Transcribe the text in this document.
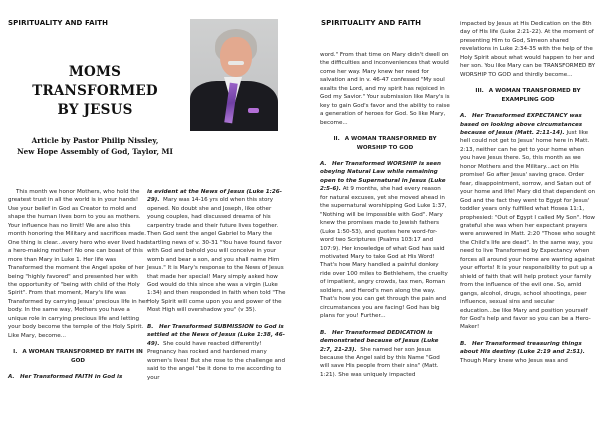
SPIRITUALITY AND FAITH
MOMS
TRANSFORMED
BY JESUS
Article by Pastor Philip Nissley,
New Hope Assembly of God, Taylor, MI

This month we honor Mothers, who hold the greatest trust in all the world is in your hands! Use your belief in God as Creator to mold and shape the human lives born to you as mothers. Your influence has no limit! We are also this month honoring the Military and sacrifices made. One thing is clear...every hero who ever lived had a hero-making mother! No one can boast of this more than Mary in Luke 1. Her life was Transformed the moment the Angel spoke of her being "highly favored" and presented her with the opportunity of "being with child of the Holy Spirit". From that moment, Mary's life was Transformed by carrying Jesus' precious life in her body. In the same way, Mothers you have a unique role in carrying precious life and letting your body become the temple of the Holy Spirit. Like Mary, become...

I. A WOMAN TRANSFORMED BY FAITH IN GOD

A. Her Transformed FAITH in God is

is evident at the News of Jesus (Luke 1:26- 29). Mary was 14-16 yrs old when this story opened. No doubt she and Joseph, like other young couples, had discussed dreams of his carpentry trade and their future lives together. Then God sent the angel Gabriel to Mary the startling news of v. 30-31 "You have found favor with God and behold you will conceive in your womb and bear a son, and you shall name Him Jesus." It is Mary's response to the News of Jesus that made her special! Mary simply asked how God would do this since she was a virgin (Luke 1:34) and then responded in faith when told "The Holy Spirit will come upon you and power of the Most High will overshadow you" (v 35).

B. Her Transformed SUBMISSION to God is settled at the News of Jesus (Luke 1:38, 46-49). She could have reacted differently! Pregnancy has rocked and hardened many women's lives! But she rose to the challenge and said to the angel "be it done to me according to your

SPIRITUALITY AND FAITH

word." From that time on Mary didn't dwell on the difficulties and inconveniences that would come her way. Mary knew her need for salvation and in v. 46-47 confessed "My soul exalts the Lord, and my spirit has rejoiced in God my Savior." Your submission like Mary's is key to gain God's favor and the ability to raise a generation of heroes for God. So like Mary, become...

II. A WOMAN TRANSFORMED BY WORSHIP TO GOD

A. Her Transformed WORSHIP is seen obeying Natural Law while remaining open to the Supernatural in Jesus (Luke 2:5-6). At 9 months, she had every reason for natural excuses, yet she moved ahead in the supernatural worshipping God Luke 1:37, "Nothing will be impossible with God". Mary knew the promises made to Jewish fathers (Luke 1:50-53), and quotes here word-for-word two Scriptures (Psalms 103:17 and 107:9). Her knowledge of what God has said motivated Mary to take God at His Word! That's how Mary handled a painful donkey ride over 100 miles to Bethlehem, the cruelty of impatient, angry crowds, tax men, Roman soldiers, and Herod's men along the way. That's how you can get through the pain and circumstances you are facing! God has big plans for you! Further...

B. Her Transformed DEDICATION is demonstrated because of Jesus (Luke 2:7, 21-23). She named her son Jesus because the Angel said by this Name "God will save His people from their sins" (Matt. 1:21). She was uniquely impacted

impacted by Jesus at His Dedication on the 8th day of His life (Luke 2:21-22). At the moment of presenting Him to God, Simeon shared revelations in Luke 2:34-35 with the help of the Holy Spirit about what would happen to her and her son. You like Mary can be TRANSFORMED BY WORSHIP TO GOD and thirdly become...

III. A WOMAN TRANSFORMED BY EXAMPLING GOD

A. Her Transformed EXPECTANCY was based on looking above circumstances because of Jesus (Matt. 2:11-14). Just like hell could not get to Jesus' home here in Matt. 2:13, neither can he get to your home when you have Jesus there. So, this month as we honor Mothers and the Military...act on His promise! Go after Jesus' saving grace. Order fear, disappointment, sorrow, and Satan out of your home and life! Mary did that dependent on God and the fact they went to Egypt for Jesus' toddler years only fulfilled what Hosea 11:1, prophesied: "Out of Egypt I called My Son". How grateful she was when her expectant prayers were answered in Matt. 2:20 "Those who sought the Child's life are dead". In the same way, you need to live Transformed by Expectancy when forces all around your home are warring against your efforts! It is your responsibility to put up a shield of faith that will help protect your family from the influence of the evil one. So, amid gangs, alcohol, drugs, school shootings, peer influence, sexual sins and secular education...be like Mary and position yourself for God's help and favor so you can be a Hero-Maker!

B. Her Transformed treasuring things about His destiny (Luke 2:19 and 2:51).
Though Mary knew who Jesus was and
